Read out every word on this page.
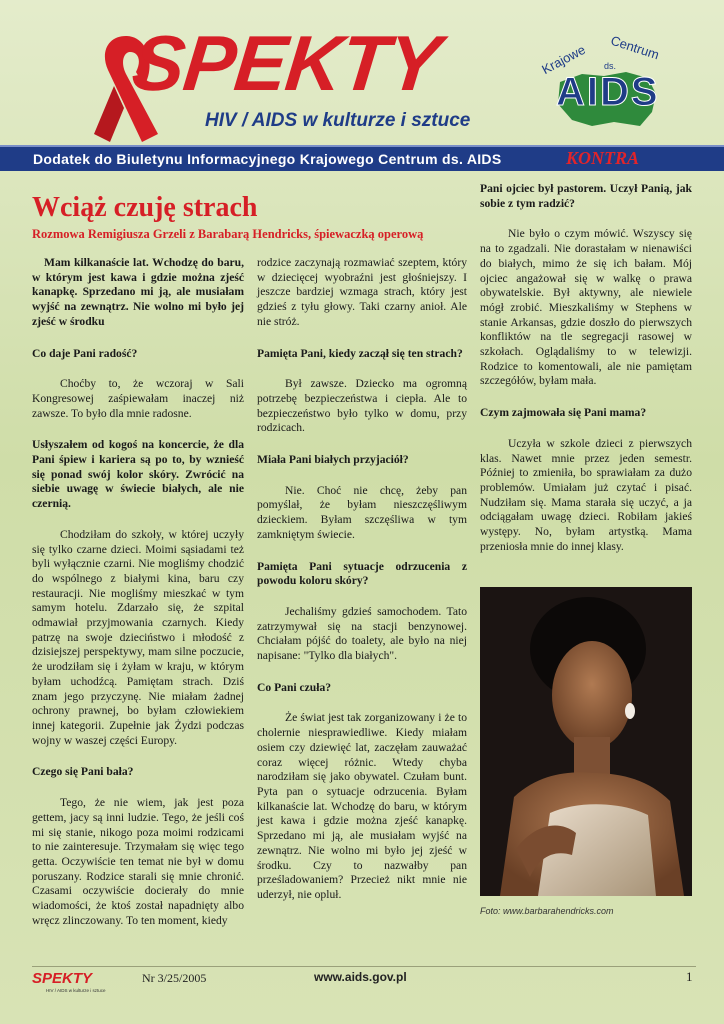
SPEKTY
HIV / AIDS w kulturze i sztuce
Krajowe ds.
Centrum
AIDS
Dodatek do Biuletynu Informacyjnego Krajowego Centrum ds. AIDS	KONTRA
Wciąż czuję strach
Rozmowa Remigiusza Grzeli z Barabarą Hendricks, śpiewaczką operową

Mam kilkanaście lat. Wchodzę do baru, w którym jest kawa i gdzie można zjeść kanapkę. Sprzedano mi ją, ale musiałam wyjść na zewnątrz. Nie wolno mi było jej zjeść w środku

Co daje Pani radość?

Choćby to, że wczoraj w Sali Kongresowej zaśpiewałam inaczej niż zawsze. To było dla mnie radosne.

Usłyszałem od kogoś na koncercie, że dla Pani śpiew i kariera są po to, by wznieść się ponad swój kolor skóry. Zwrócić na siebie uwagę w świecie białych, ale nie czernią.

Chodziłam do szkoły, w której uczyły się tylko czarne dzieci. Moimi sąsiadami też byli wyłącznie czarni. Nie mogliśmy chodzić do wspólnego z białymi kina, baru czy restauracji. Nie mogliśmy mieszkać w tym samym hotelu. Zdarzało się, że szpital odmawiał przyjmowania czarnych. Kiedy patrzę na swoje dzieciństwo i młodość z dzisiejszej perspektywy, mam silne poczucie, że urodziłam się i żyłam w kraju, w którym byłam uchodźcą. Pamiętam strach. Dziś znam jego przyczynę. Nie miałam żadnej ochrony prawnej, bo byłam człowiekiem innej kategorii. Zupełnie jak Żydzi podczas wojny w waszej części Europy.

Czego się Pani bała?

Tego, że nie wiem, jak jest poza gettem, jacy są inni ludzie. Tego, że jeśli coś mi się stanie, nikogo poza moimi rodzicami to nie zainteresuje. Trzymałam się więc tego getta. Oczywiście ten temat nie był w domu poruszany. Rodzice starali się mnie chronić. Czasami oczywiście docierały do mnie wiadomości, że ktoś został napadnięty albo wręcz zlinczowany. To ten moment, kiedy

rodzice zaczynają rozmawiać szeptem, który w dziecięcej wyobraźni jest głośniejszy. I jeszcze bardziej wzmaga strach, który jest gdzieś z tyłu głowy. Taki czarny anioł. Ale nie stróż.

Pamięta Pani, kiedy zaczął się ten strach?

Był zawsze. Dziecko ma ogromną potrzebę bezpieczeństwa i ciepła. Ale to bezpieczeństwo było tylko w domu, przy rodzicach.

Miała Pani białych przyjaciół?

Nie. Choć nie chcę, żeby pan pomyślał, że byłam nieszczęśliwym dzieckiem. Byłam szczęśliwa w tym zamkniętym świecie.

Pamięta Pani sytuacje odrzucenia z powodu koloru skóry?

Jechaliśmy gdzieś samochodem. Tato zatrzymywał się na stacji benzynowej. Chciałam pójść do toalety, ale było na niej napisane: "Tylko dla białych".

Co Pani czuła?

Że świat jest tak zorganizowany i że to cholernie niesprawiedliwe. Kiedy miałam osiem czy dziewięć lat, zaczęłam zauważać coraz więcej różnic. Wtedy chyba narodziłam się jako obywatel. Czułam bunt. Pyta pan o sytuacje odrzucenia. Byłam kilkanaście lat. Wchodzę do baru, w którym jest kawa i gdzie można zjeść kanapkę. Sprzedano mi ją, ale musiałam wyjść na zewnątrz. Nie wolno mi było jej zjeść w środku. Czy to nazwałby pan prześladowaniem? Przecież nikt mnie nie uderzył, nie opluł.

Pani ojciec był pastorem. Uczył Panią, jak sobie z tym radzić?

Nie było o czym mówić. Wszyscy się na to zgadzali. Nie dorastałam w nienawiści do białych, mimo że się ich bałam. Mój ojciec angażował się w walkę o prawa obywatelskie. Był aktywny, ale niewiele mógł zrobić. Mieszkaliśmy w Stephens w stanie Arkansas, gdzie doszło do pierwszych konfliktów na tle segregacji rasowej w szkołach. Oglądaliśmy to w telewizji. Rodzice to komentowali, ale nie pamiętam szczegółów, byłam mała.

Czym zajmowała się Pani mama?

Uczyła w szkole dzieci z pierwszych klas. Nawet mnie przez jeden semestr. Później to zmieniła, bo sprawiałam za dużo problemów. Umiałam już czytać i pisać. Nudziłam się. Mama starała się uczyć, a ja odciągałam uwagę dzieci. Robiłam jakieś występy. No, byłam artystką. Mama przeniosła mnie do innej klasy.

Foto: www.barbarahendricks.com
SPEKTY
HIV / AIDS w kulturze i sztuce
Nr 3/25/2005	www.aids.gov.pl	1
